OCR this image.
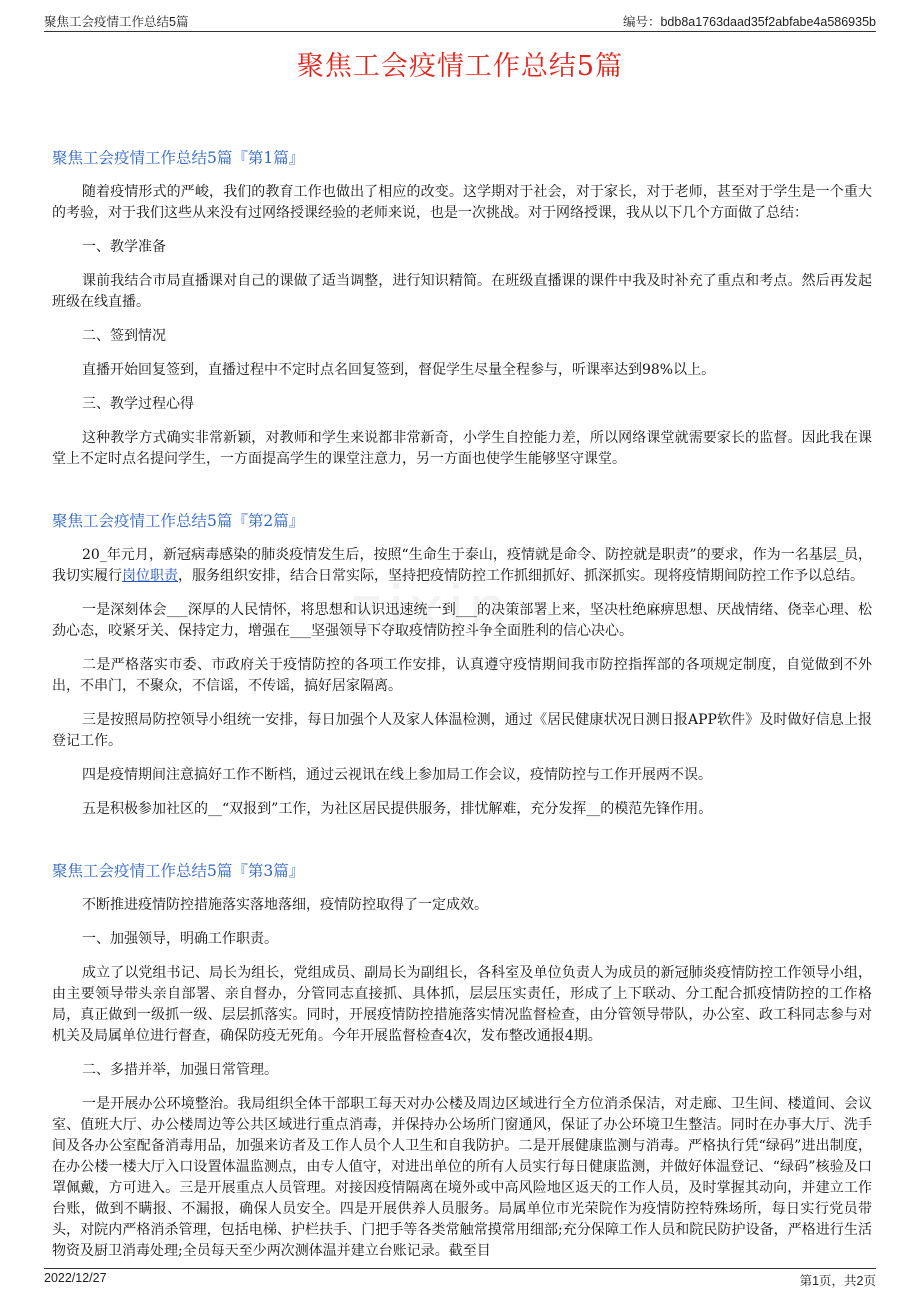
聚焦工会疫情工作总结5篇	编号：bdb8a1763daad35f2abfabe4a586935b
聚焦工会疫情工作总结5篇
zixin
聚焦工会疫情工作总结5篇『第1篇』

随着疫情形式的严峻，我们的教育工作也做出了相应的改变。这学期对于社会，对于家长，对于老师，甚至对于学生是一个重大的考验，对于我们这些从来没有过网络授课经验的老师来说，也是一次挑战。对于网络授课，我从以下几个方面做了总结：

一、教学准备

课前我结合市局直播课对自己的课做了适当调整，进行知识精简。在班级直播课的课件中我及时补充了重点和考点。然后再发起班级在线直播。

二、签到情况

直播开始回复签到，直播过程中不定时点名回复签到，督促学生尽量全程参与，听课率达到98%以上。

三、教学过程心得

这种教学方式确实非常新颖，对教师和学生来说都非常新奇，小学生自控能力差，所以网络课堂就需要家长的监督。因此我在课堂上不定时点名提问学生，一方面提高学生的课堂注意力，另一方面也使学生能够坚守课堂。

聚焦工会疫情工作总结5篇『第2篇』

20_年元月，新冠病毒感染的肺炎疫情发生后，按照“生命生于泰山，疫情就是命令、防控就是职责”的要求，作为一名基层_员，我切实履行岗位职责，服务组织安排，结合日常实际，坚持把疫情防控工作抓细抓好、抓深抓实。现将疫情期间防控工作予以总结。

一是深刻体会___深厚的人民情怀，将思想和认识迅速统一到___的决策部署上来，坚决杜绝麻痹思想、厌战情绪、侥幸心理、松劲心态，咬紧牙关、保持定力，增强在___坚强领导下夺取疫情防控斗争全面胜利的信心决心。

二是严格落实市委、市政府关于疫情防控的各项工作安排，认真遵守疫情期间我市防控指挥部的各项规定制度，自觉做到不外出，不串门，不聚众，不信谣，不传谣，搞好居家隔离。

三是按照局防控领导小组统一安排，每日加强个人及家人体温检测，通过《居民健康状况日测日报APP软件》及时做好信息上报登记工作。

四是疫情期间注意搞好工作不断档，通过云视讯在线上参加局工作会议，疫情防控与工作开展两不误。

五是积极参加社区的__“双报到”工作，为社区居民提供服务，排忧解难，充分发挥__的模范先锋作用。

聚焦工会疫情工作总结5篇『第3篇』

不断推进疫情防控措施落实落地落细，疫情防控取得了一定成效。

一、加强领导，明确工作职责。

成立了以党组书记、局长为组长，党组成员、副局长为副组长，各科室及单位负责人为成员的新冠肺炎疫情防控工作领导小组，由主要领导带头亲自部署、亲自督办，分管同志直接抓、具体抓，层层压实责任，形成了上下联动、分工配合抓疫情防控的工作格局，真正做到一级抓一级、层层抓落实。同时，开展疫情防控措施落实情况监督检查，由分管领导带队，办公室、政工科同志参与对机关及局属单位进行督查，确保防疫无死角。今年开展监督检查4次，发布整改通报4期。

二、多措并举，加强日常管理。

一是开展办公环境整治。我局组织全体干部职工每天对办公楼及周边区域进行全方位消杀保洁，对走廊、卫生间、楼道间、会议室、值班大厅、办公楼周边等公共区域进行重点消毒，并保持办公场所门窗通风，保证了办公环境卫生整洁。同时在办事大厅、洗手间及各办公室配备消毒用品，加强来访者及工作人员个人卫生和自我防护。二是开展健康监测与消毒。严格执行凭“绿码”进出制度，在办公楼一楼大厅入口设置体温监测点，由专人值守，对进出单位的所有人员实行每日健康监测，并做好体温登记、“绿码”核验及口罩佩戴，方可进入。三是开展重点人员管理。对接因疫情隔离在境外或中高风险地区返天的工作人员，及时掌握其动向，并建立工作台账，做到不瞒报、不漏报，确保人员安全。四是开展供养人员服务。局属单位市光荣院作为疫情防控特殊场所，每日实行党员带头，对院内严格消杀管理，包括电梯、护栏扶手、门把手等各类常触常摸常用细部;充分保障工作人员和院民防护设备，严格进行生活物资及厨卫消毒处理;全员每天至少两次测体温并建立台账记录。截至目

2022/12/27	第1页，共2页
